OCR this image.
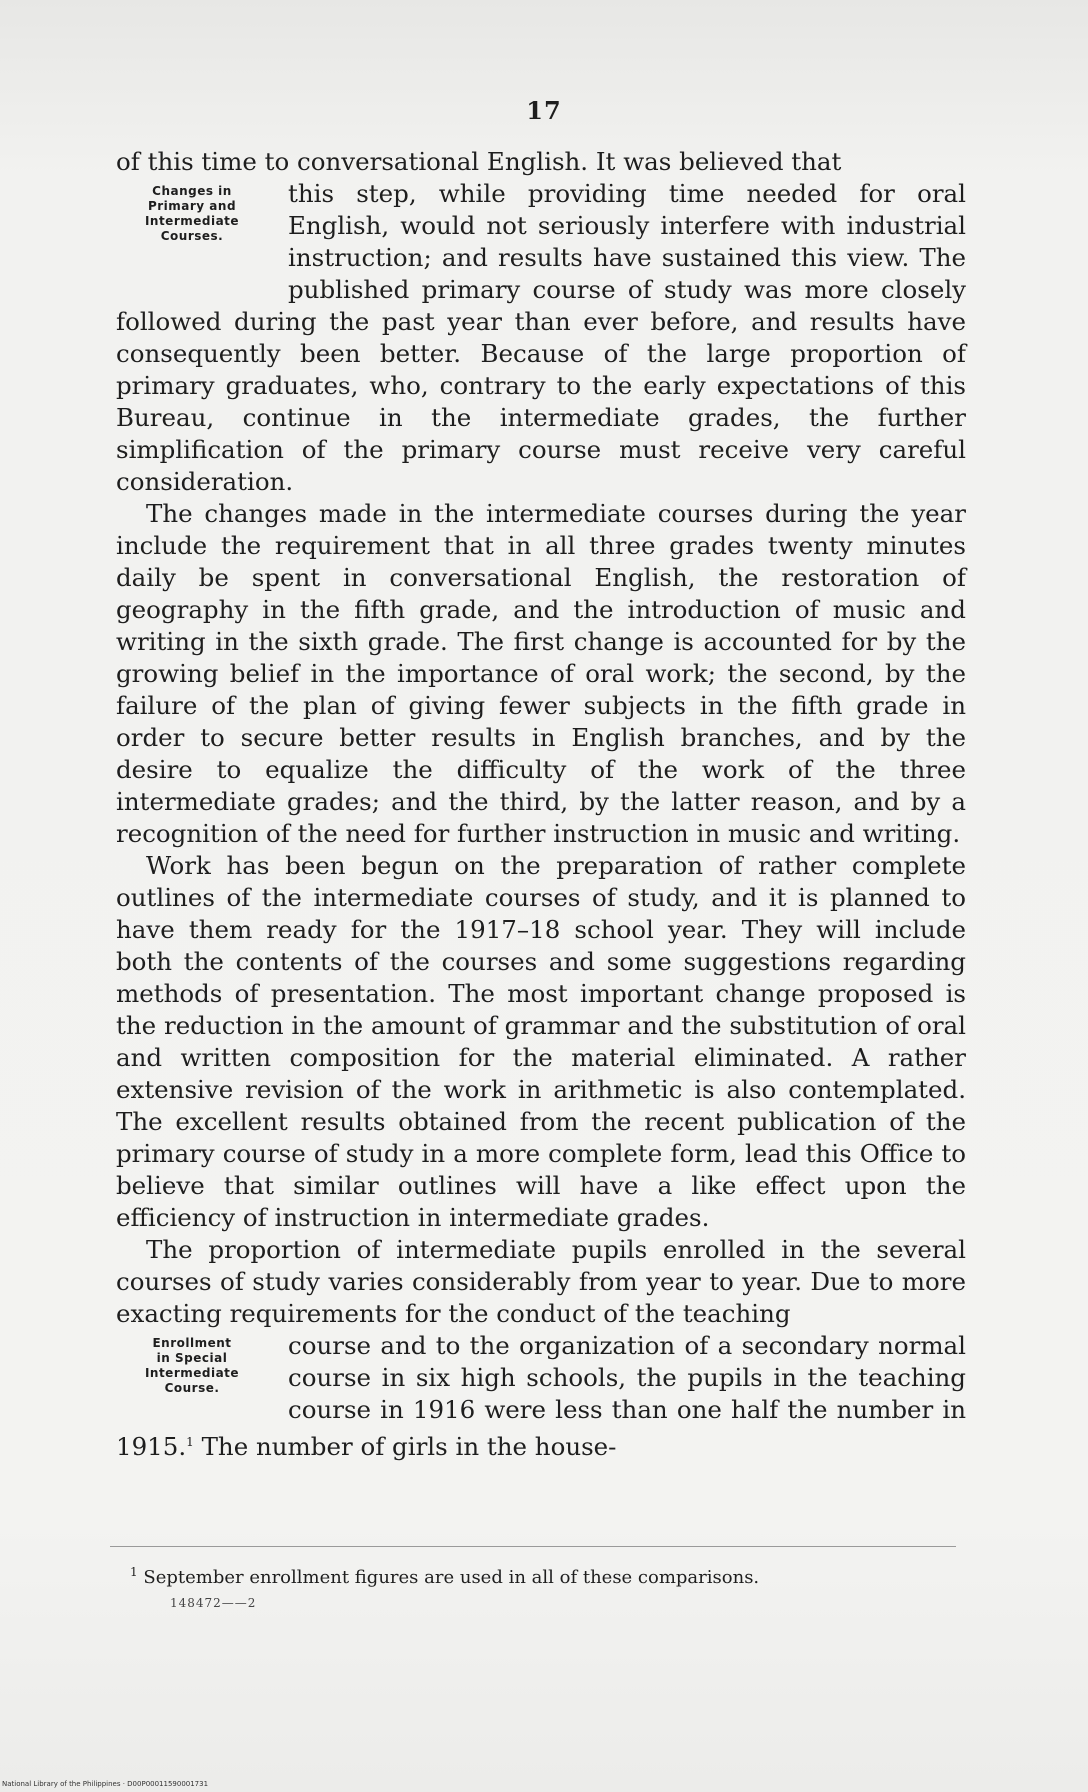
17

of this time to conversational English. It was believed that

Changes in
Primary and
Intermediate
Courses.

this step, while providing time needed for oral English, would not seriously interfere with industrial instruction; and results have sustained this view. The published primary course of study was more closely followed during the past year than ever before, and results have consequently been better. Because of the large proportion of primary graduates, who, contrary to the early expectations of this Bureau, continue in the intermediate grades, the further simplification of the primary course must receive very careful consideration.

The changes made in the intermediate courses during the year include the requirement that in all three grades twenty minutes daily be spent in conversational English, the restoration of geography in the fifth grade, and the introduction of music and writing in the sixth grade. The first change is accounted for by the growing belief in the importance of oral work; the second, by the failure of the plan of giving fewer subjects in the fifth grade in order to secure better results in English branches, and by the desire to equalize the difficulty of the work of the three intermediate grades; and the third, by the latter reason, and by a recognition of the need for further instruction in music and writing.

Work has been begun on the preparation of rather complete outlines of the intermediate courses of study, and it is planned to have them ready for the 1917–18 school year. They will include both the contents of the courses and some suggestions regarding methods of presentation. The most important change proposed is the reduction in the amount of grammar and the substitution of oral and written composition for the material eliminated. A rather extensive revision of the work in arithmetic is also contemplated. The excellent results obtained from the recent publication of the primary course of study in a more complete form, lead this Office to believe that similar outlines will have a like effect upon the efficiency of instruction in intermediate grades.

The proportion of intermediate pupils enrolled in the several courses of study varies considerably from year to year. Due to more exacting requirements for the conduct of the teaching

Enrollment
in Special
Intermediate
Course.

course and to the organization of a secondary normal course in six high schools, the pupils in the teaching course in 1916 were less than one half the number in 1915.$^1$ The number of girls in the house-

$^1$ September enrollment figures are used in all of these comparisons.
148472——2
National Library of the Philippines · D00P00011590001731
